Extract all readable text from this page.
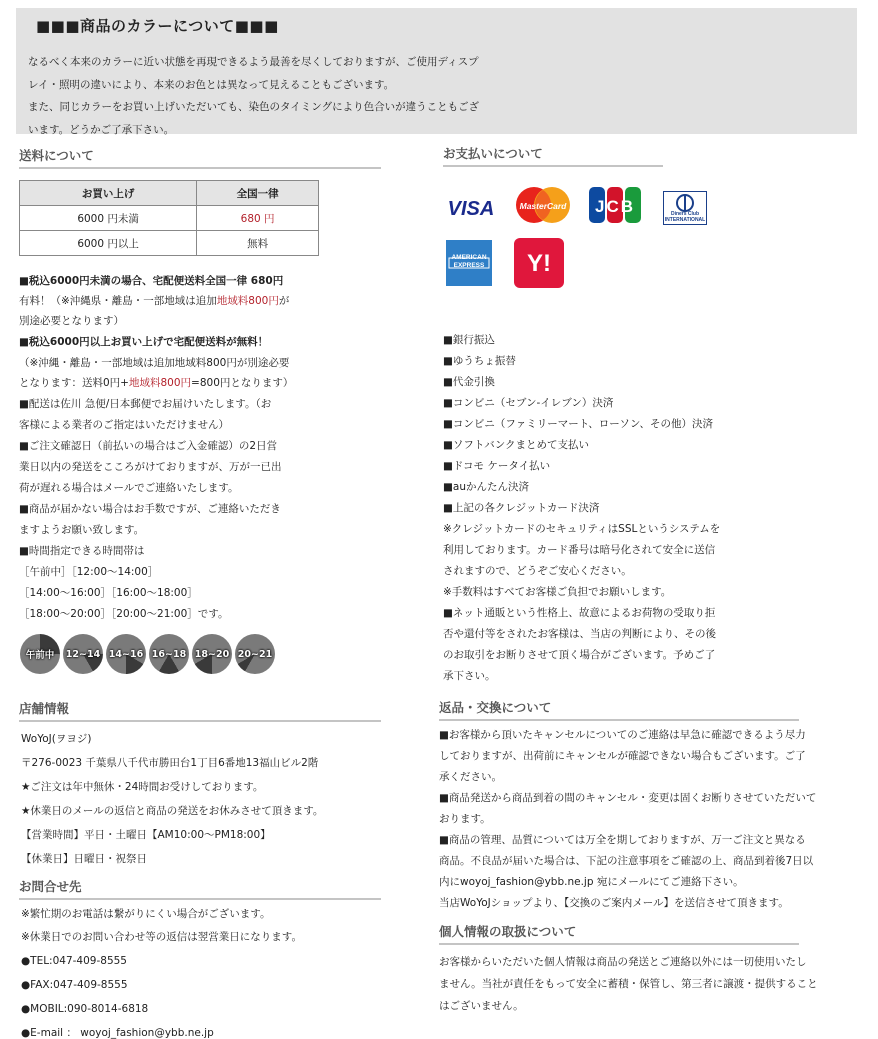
■■■商品のカラーについて■■■
なるべく本来のカラーに近い状態を再現できるよう最善を尽くしておりますが、ご使用ディスプ
レイ・照明の違いにより、本来のお色とは異なって見えることもございます。
また、同じカラーをお買い上げいただいても、染色のタイミングにより色合いが違うこともござ
います。どうかご了承下さい。
送料について
お買い上げ	全国一律
6000 円未満	680 円
6000 円以上	無料
■税込6000円未満の場合、宅配便送料全国一律 680円
有料！（※沖縄県・離島・一部地域は追加地域料800円が
別途必要となります）
■税込6000円以上お買い上げで宅配便送料が無料！
（※沖縄・離島・一部地域は追加地域料800円が別途必要
となります：送料0円+地域料800円=800円となります）
■配送は佐川 急便/日本郵便でお届けいたします。（お
客様による業者のご指定はいただけません）
■ご注文確認日（前払いの場合はご入金確認）の2日営
業日以内の発送をこころがけておりますが、万が一已出
荷が遅れる場合はメールでご連絡いたします。
■商品が届かない場合はお手数ですが、ご連絡いただき
ますようお願い致します。
■時間指定できる時間帯は
［午前中］［12:00～14:00］
［14:00～16:00］［16:00～18:00］
［18:00～20:00］［20:00～21:00］です。
午前中	12~14 14~16 16~18 18~20 20~21
店舗情報
WoYoJ(ヲヨジ)
〒276-0023 千葉県八千代市勝田台1丁目6番地13福山ビル2階
★ご注文は年中無休・24時間お受けしております。
★休業日のメールの返信と商品の発送をお休みさせて頂きます。
【営業時間】平日・土曜日【AM10:00～PM18:00】
【休業日】日曜日・祝祭日
お問合せ先
※繁忙期のお電話は繋がりにくい場合がございます。
※休業日でのお問い合わせ等の返信は翌営業日になります。
●TEL:047-409-8555
●FAX:047-409-8555
●MOBIL:090-8014-6818
●E-mail ： woyoj_fashion@ybb.ne.jp
お支払いについて
VISA	MasterCard JCB	Diners Club INTERNATIONAL
AMERICAN EXPRESS Y!
■銀行振込
■ゆうちょ振替
■代金引換
■コンビニ（セブン-イレブン）決済
■コンビニ（ファミリーマート、ローソン、その他）決済
■ソフトバンクまとめて支払い
■ドコモ ケータイ払い
■auかんたん決済
■上記の各クレジットカード決済
※クレジットカードのセキュリティはSSLというシステムを
利用しております。カード番号は暗号化されて安全に送信
されますので、どうぞご安心ください。
※手数料はすべてお客様ご負担でお願いします。
■ネット通販という性格上、故意によるお荷物の受取り拒
否や還付等をされたお客様は、当店の判断により、その後
のお取引をお断りさせて頂く場合がございます。予めご了
承下さい。
返品・交換について
■お客様から頂いたキャンセルについてのご連絡は早急に確認できるよう尽力
しておりますが、出荷前にキャンセルが確認できない場合もございます。ご了
承ください。
■商品発送から商品到着の間のキャンセル・変更は固くお断りさせていただいて
おります。
■商品の管理、品質については万全を期しておりますが、万一ご注文と異なる
商品。不良品が届いた場合は、下記の注意事項をご確認の上、商品到着後7日以
内にwoyoj_fashion@ybb.ne.jp 宛にメールにてご連絡下さい。
当店WoYoJショップより、【交換のご案内メール】を送信させて頂きます。
個人情報の取扱について
お客様からいただいた個人情報は商品の発送とご連絡以外には一切使用いたし
ません。当社が責任をもって安全に蓄積・保管し、第三者に譲渡・提供すること
はございません。
